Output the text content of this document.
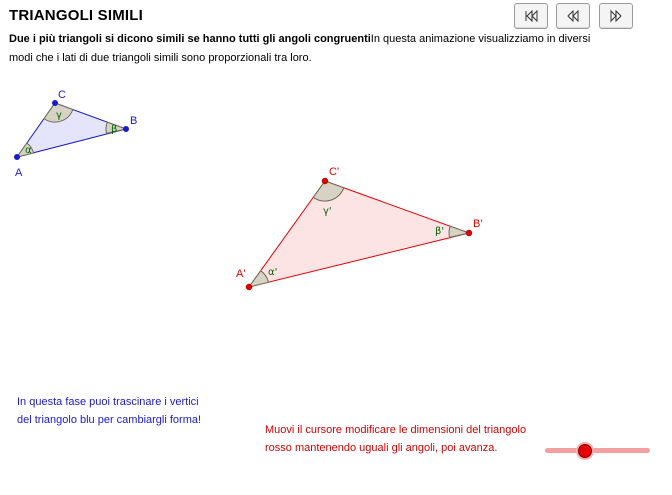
TRIANGOLI SIMILI
Due i più triangoli si dicono simili se hanno tutti gli angoli congruentiIn questa animazione visualizziamo in diversi
modi che i lati di due triangoli simili sono proporzionali tra loro.
A
B
C
α
β
γ
A'
B'
C'
α'
β'
γ'
In questa fase puoi trascinare i vertici
del triangolo blu per cambiargli forma!
Muovi il cursore modificare le dimensioni del triangolo
rosso mantenendo uguali gli angoli, poi avanza.
